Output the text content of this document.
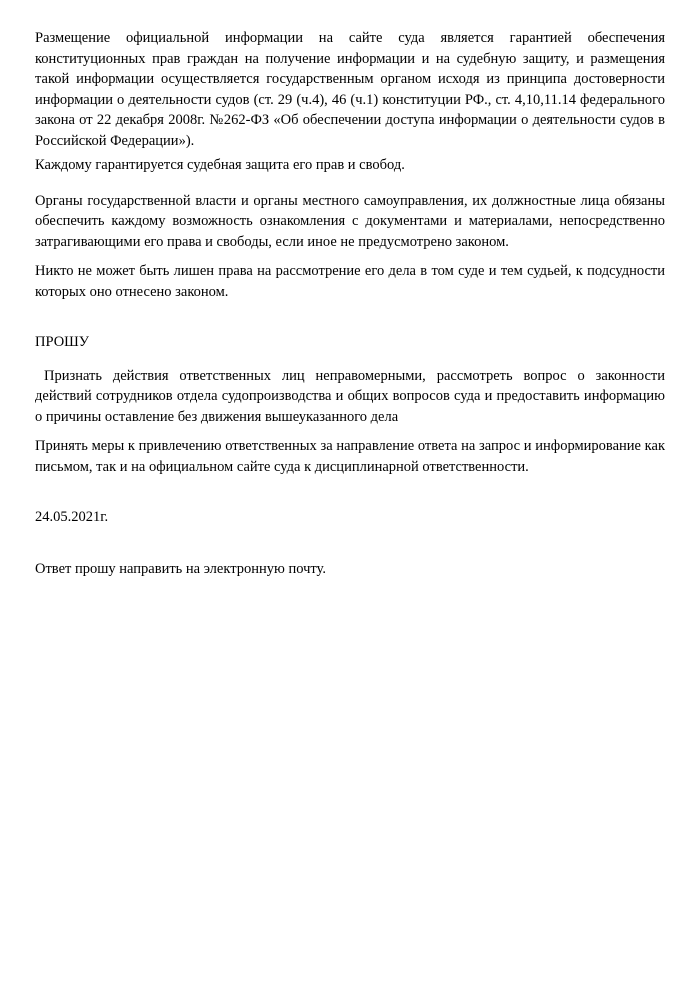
Размещение официальной информации на сайте суда является гарантией обеспечения конституционных прав граждан на получение информации и на судебную защиту, и размещения такой информации осуществляется государственным органом исходя из принципа достоверности информации о деятельности судов (ст. 29 (ч.4), 46 (ч.1) конституции РФ., ст. 4,10,11.14 федерального закона от 22 декабря 2008г. №262-ФЗ «Об обеспечении доступа информации о деятельности судов в Российской Федерации»).

Каждому гарантируется судебная защита его прав и свобод.

Органы государственной власти и органы местного самоуправления, их должностные лица обязаны обеспечить каждому возможность ознакомления с документами и материалами, непосредственно затрагивающими его права и свободы, если иное не предусмотрено законом.

Никто не может быть лишен права на рассмотрение его дела в том суде и тем судьей, к подсудности которых оно отнесено законом.

ПРОШУ

Признать действия ответственных лиц неправомерными, рассмотреть вопрос о законности действий сотрудников отдела судопроизводства и общих вопросов суда и предоставить информацию о причины оставление без движения вышеуказанного дела

Принять меры к привлечению ответственных за направление ответа на запрос и информирование как письмом, так и на официальном сайте суда к дисциплинарной ответственности.

24.05.2021г.

Ответ прошу направить на электронную почту.
